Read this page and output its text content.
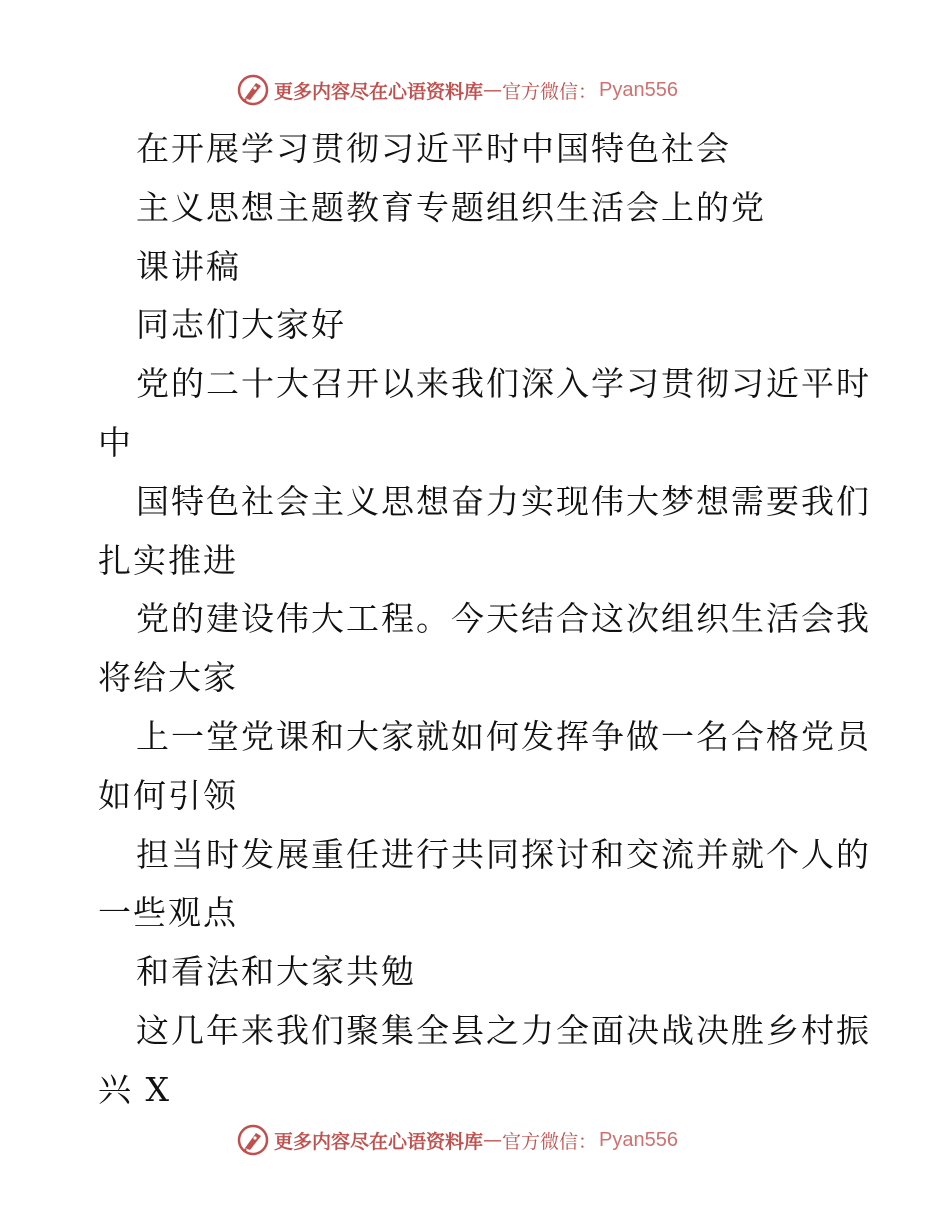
更多内容尽在心语资料库 — 官方微信： Pyan556
在开展学习贯彻习近平时中国特色社会
主义思想主题教育专题组织生活会上的党
课讲稿
同志们大家好
党的二十大召开以来我们深入学习贯彻习近平时
中
国特色社会主义思想奋力实现伟大梦想需要我们
扎实推进
党的建设伟大工程。今天结合这次组织生活会我
将给大家
上一堂党课和大家就如何发挥争做一名合格党员
如何引领
担当时发展重任进行共同探讨和交流并就个人的
一些观点
和看法和大家共勉
这几年来我们聚集全县之力全面决战决胜乡村振
兴 X
更多内容尽在心语资料库 — 官方微信： Pyan556
